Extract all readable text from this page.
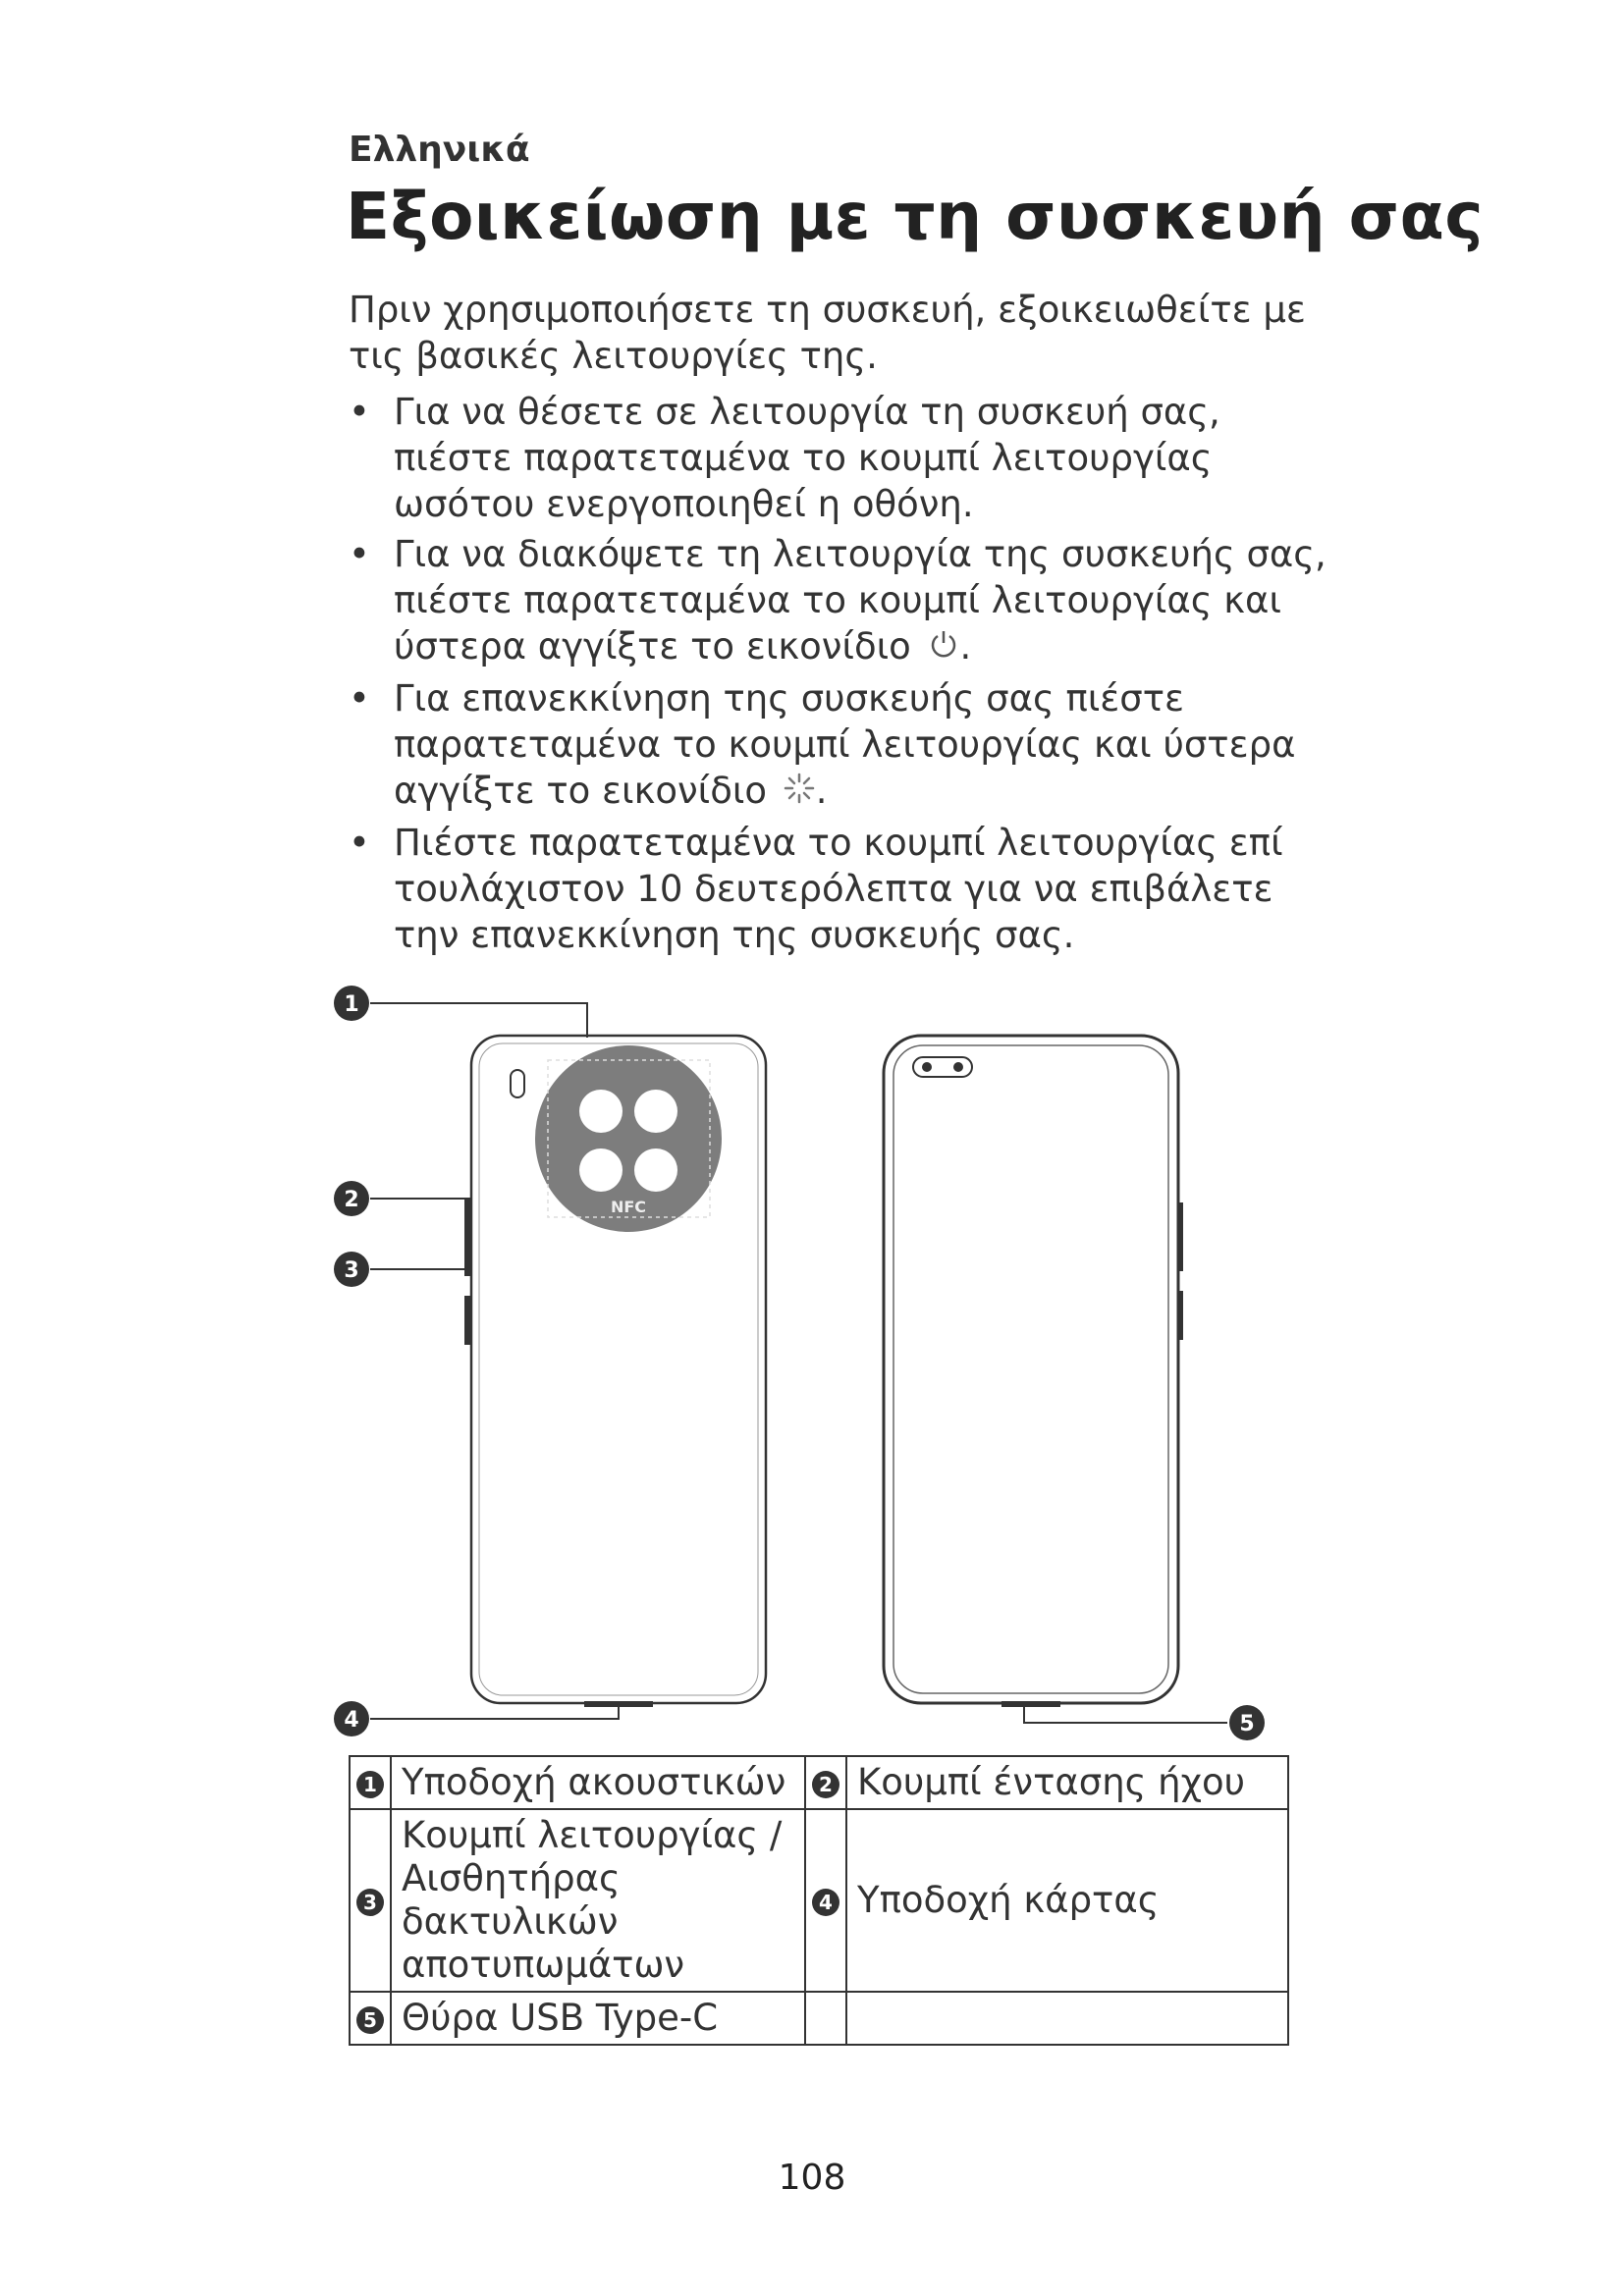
Ελληνικά
Εξοικείωση με τη συσκευή σας
Πριν χρησιμοποιήσετε τη συσκευή, εξοικειωθείτε με τις βασικές λειτουργίες της.
• Για να θέσετε σε λειτουργία τη συσκευή σας, πιέστε παρατεταμένα το κουμπί λειτουργίας ωσότου ενεργοποιηθεί η οθόνη.
• Για να διακόψετε τη λειτουργία της συσκευής σας, πιέστε παρατεταμένα το κουμπί λειτουργίας και ύστερα αγγίξτε το εικονίδιο .
• Για επανεκκίνηση της συσκευής σας πιέστε παρατεταμένα το κουμπί λειτουργίας και ύστερα αγγίξτε το εικονίδιο .
• Πιέστε παρατεταμένα το κουμπί λειτουργίας επί τουλάχιστον 10 δευτερόλεπτα για να επιβάλετε την επανεκκίνηση της συσκευής σας.
NFC
1
2
3
4	5
1	Υποδοχή ακουστικών	2	Κουμπί έντασης ήχου
3	Κουμπί λειτουργίας / Αισθητήρας δακτυλικών αποτυπωμάτων	4	Υποδοχή κάρτας
5	Θύρα USB Type-C		
108
